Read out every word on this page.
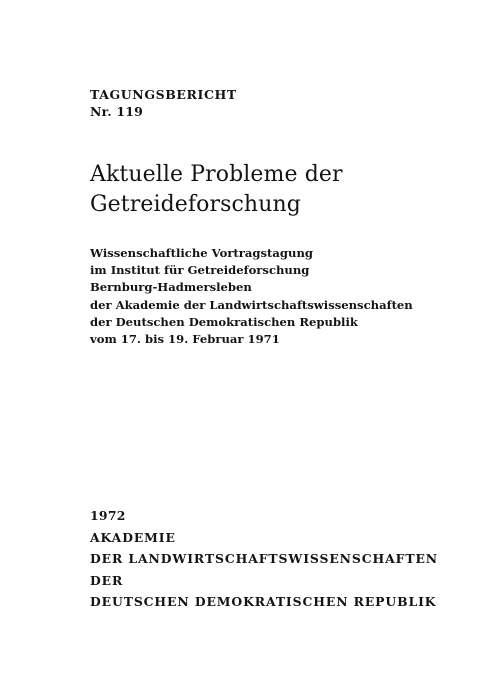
TAGUNGSBERICHT
Nr. 119
Aktuelle Probleme der
Getreideforschung
Wissenschaftliche Vortragstagung
im Institut für Getreideforschung
Bernburg-Hadmersleben
der Akademie der Landwirtschaftswissenschaften
der Deutschen Demokratischen Republik
vom 17. bis 19. Februar 1971
1972
AKADEMIE
DER LANDWIRTSCHAFTSWISSENSCHAFTEN
DER
DEUTSCHEN DEMOKRATISCHEN REPUBLIK
